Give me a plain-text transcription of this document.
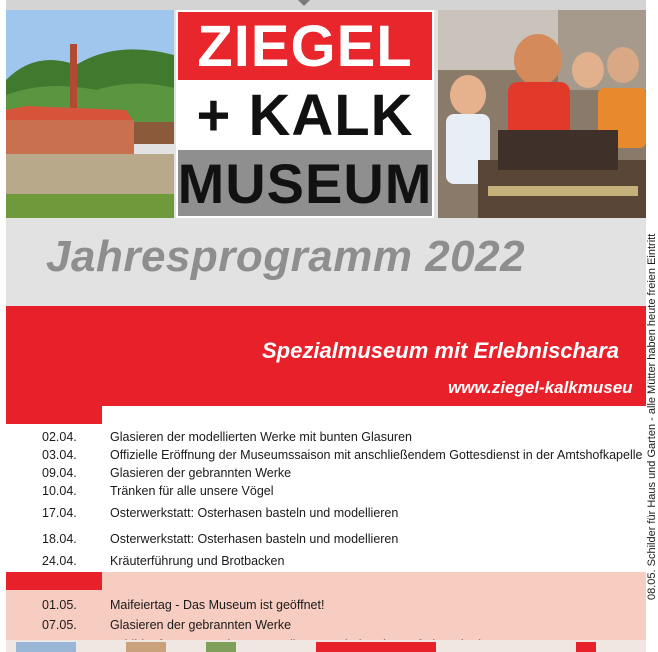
ZIEGEL
+ KALK
MUSEUM
Jahresprogramm 2022
Spezialmuseum mit Erlebnischara
www.ziegel-kalkmuseu
02.04.	Glasieren der modellierten Werke mit bunten Glasuren
03.04.	Offizielle Eröffnung der Museumssaison mit anschließendem Gottesdienst in der Amtshofkapelle
09.04.	Glasieren der gebrannten Werke
10.04.	Tränken für alle unsere Vögel
17.04.	Osterwerkstatt: Osterhasen basteln und modellieren
18.04.	Osterwerkstatt: Osterhasen basteln und modellieren
24.04.	Kräuterführung und Brotbacken
01.05.	Maifeiertag - Das Museum ist geöffnet!
07.05.	Glasieren der gebrannten Werke
08.05. Schilder für Haus und Garten - alle Mütter haben heute freien Eintritt
